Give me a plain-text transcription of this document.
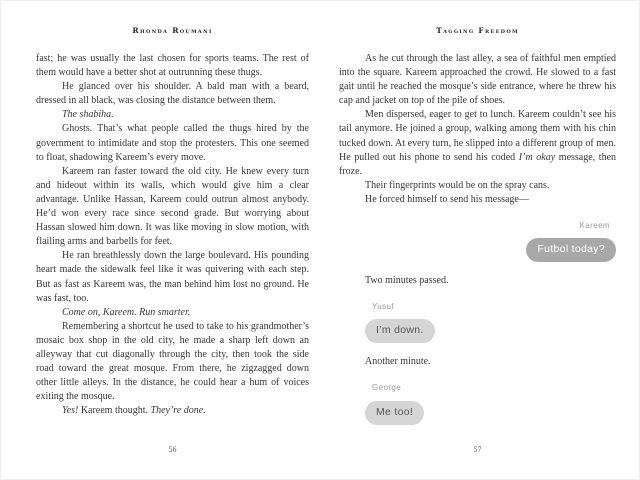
Rhonda Roumani

fast; he was usually the last chosen for sports teams. The rest of them would have a better shot at outrunning these thugs.

He glanced over his shoulder. A bald man with a beard, dressed in all black, was closing the distance between them.

The shabiha.

Ghosts. That’s what people called the thugs hired by the government to intimidate and stop the protesters. This one seemed to float, shadowing Kareem’s every move.

Kareem ran faster toward the old city. He knew every turn and hideout within its walls, which would give him a clear advantage. Unlike Hassan, Kareem could outrun almost anybody. He’d won every race since second grade. But worrying about Hassan slowed him down. It was like moving in slow motion, with flailing arms and barbells for feet.

He ran breathlessly down the large boulevard. His pounding heart made the sidewalk feel like it was quivering with each step. But as fast as Kareem was, the man behind him lost no ground. He was fast, too.

Come on, Kareem. Run smarter.

Remembering a shortcut he used to take to his grandmother’s mosaic box shop in the old city, he made a sharp left down an alleyway that cut diagonally through the city, then took the side road toward the great mosque. From there, he zigzagged down other little alleys. In the distance, he could hear a hum of voices exiting the mosque.

Yes! Kareem thought. They’re done.

56
Tagging Freedom

As he cut through the last alley, a sea of faithful men emptied into the square. Kareem approached the crowd. He slowed to a fast gait until he reached the mosque’s side entrance, where he threw his cap and jacket on top of the pile of shoes.

Men dispersed, eager to get to lunch. Kareem couldn’t see his tail anymore. He joined a group, walking among them with his chin tucked down. At every turn, he slipped into a different group of men. He pulled out his phone to send his coded I’m okay message, then froze.

Their fingerprints would be on the spray cans.

He forced himself to send his message—

Kareem
Futbol today?

Two minutes passed.

Yusuf
I’m down.

Another minute.

George
Me too!
57
